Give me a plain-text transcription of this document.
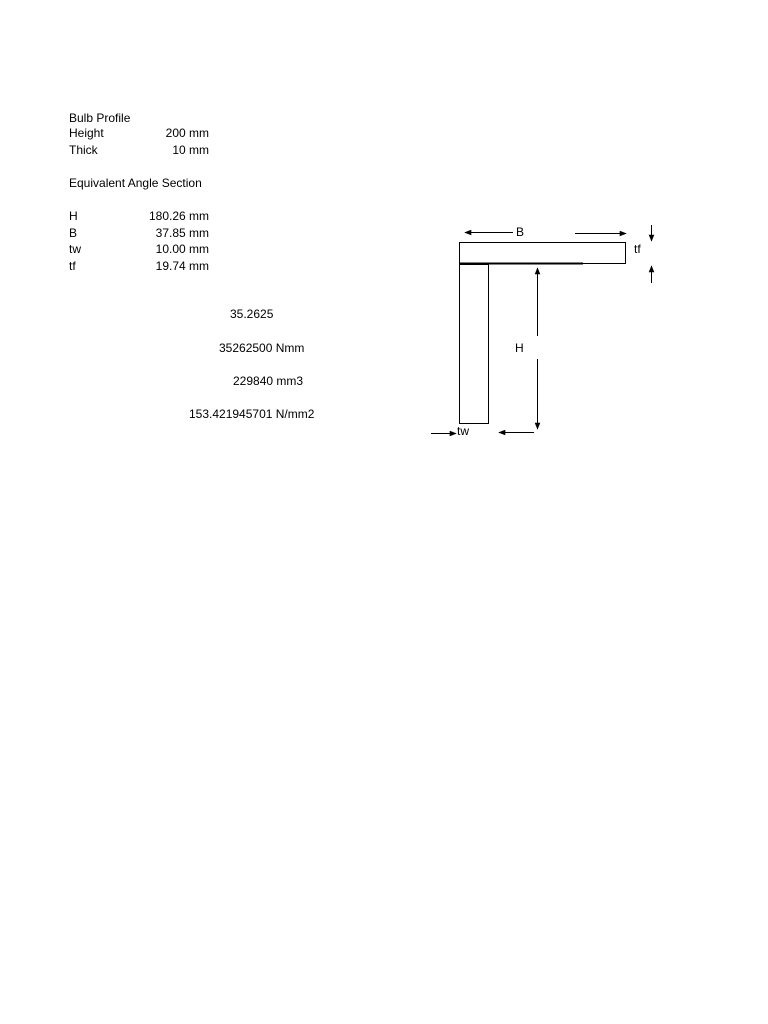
Bulb Profile
Height	200 mm
Thick	10 mm
Equivalent Angle Section
H	180.26 mm
B	37.85 mm
tw	10.00 mm
tf	19.74 mm
35.2625
35262500 Nmm
229840 mm3
153.421945701 N/mm2
B
tf
H
tw
